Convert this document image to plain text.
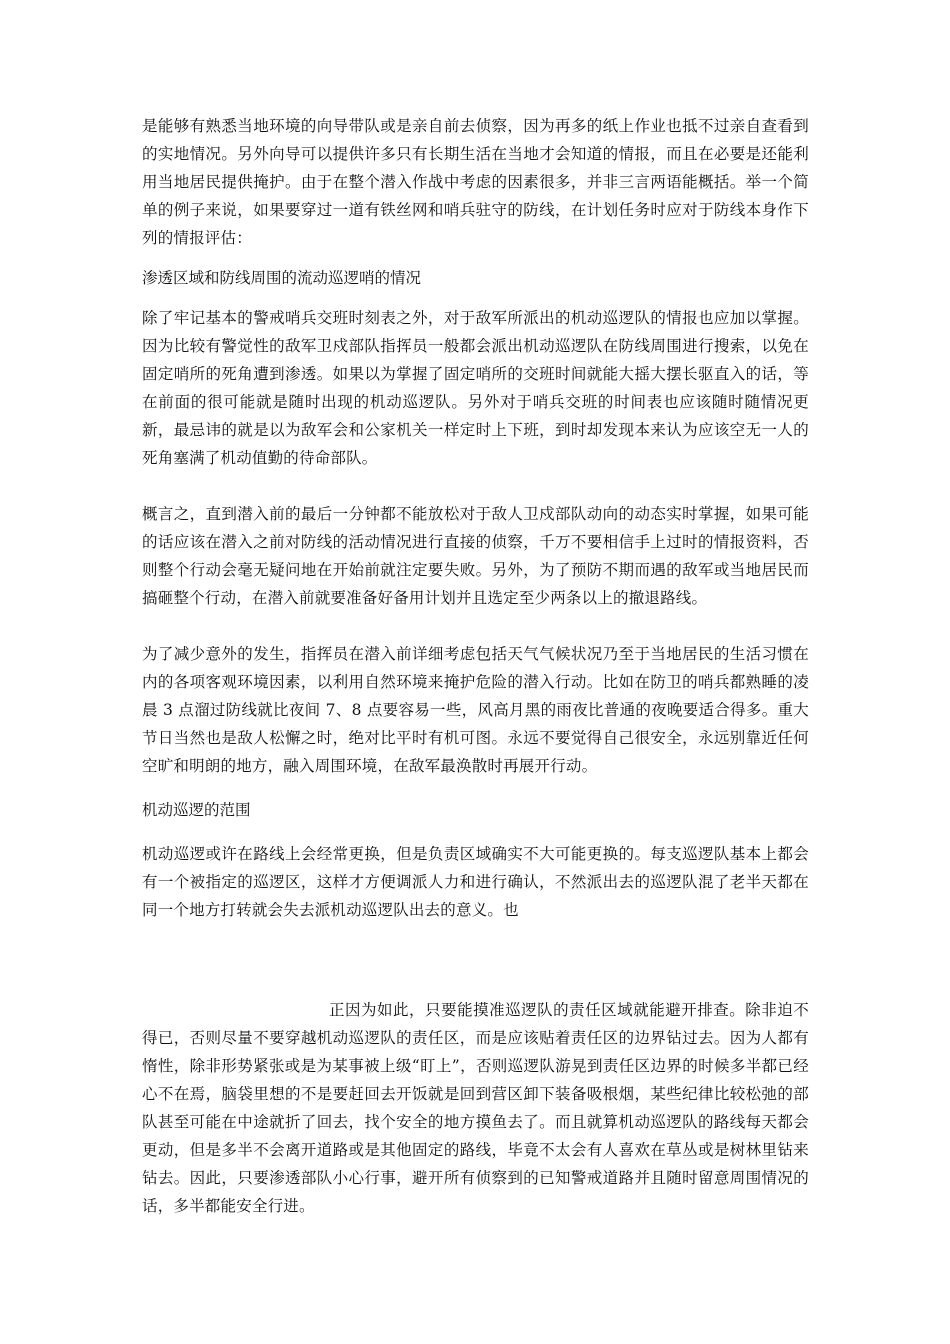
是能够有熟悉当地环境的向导带队或是亲自前去侦察，因为再多的纸上作业也抵不过亲自查看到的实地情况。另外向导可以提供许多只有长期生活在当地才会知道的情报，而且在必要是还能利用当地居民提供掩护。由于在整个潜入作战中考虑的因素很多，并非三言两语能概括。举一个简单的例子来说，如果要穿过一道有铁丝网和哨兵驻守的防线，在计划任务时应对于防线本身作下列的情报评估：

渗透区域和防线周围的流动巡逻哨的情况

除了牢记基本的警戒哨兵交班时刻表之外，对于敌军所派出的机动巡逻队的情报也应加以掌握。因为比较有警觉性的敌军卫戍部队指挥员一般都会派出机动巡逻队在防线周围进行搜索，以免在固定哨所的死角遭到渗透。如果以为掌握了固定哨所的交班时间就能大摇大摆长驱直入的话，等在前面的很可能就是随时出现的机动巡逻队。另外对于哨兵交班的时间表也应该随时随情况更新，最忌讳的就是以为敌军会和公家机关一样定时上下班，到时却发现本来认为应该空无一人的死角塞满了机动值勤的待命部队。

概言之，直到潜入前的最后一分钟都不能放松对于敌人卫戍部队动向的动态实时掌握，如果可能的话应该在潜入之前对防线的活动情况进行直接的侦察，千万不要相信手上过时的情报资料，否则整个行动会毫无疑问地在开始前就注定要失败。另外，为了预防不期而遇的敌军或当地居民而搞砸整个行动，在潜入前就要准备好备用计划并且选定至少两条以上的撤退路线。

为了减少意外的发生，指挥员在潜入前详细考虑包括天气气候状况乃至于当地居民的生活习惯在内的各项客观环境因素，以利用自然环境来掩护危险的潜入行动。比如在防卫的哨兵都熟睡的凌晨 3 点溜过防线就比夜间 7、8 点要容易一些，风高月黑的雨夜比普通的夜晚要适合得多。重大节日当然也是敌人松懈之时，绝对比平时有机可图。永远不要觉得自己很安全，永远别靠近任何空旷和明朗的地方，融入周围环境，在敌军最涣散时再展开行动。

机动巡逻的范围

机动巡逻或许在路线上会经常更换，但是负责区域确实不大可能更换的。每支巡逻队基本上都会有一个被指定的巡逻区，这样才方便调派人力和进行确认，不然派出去的巡逻队混了老半天都在同一个地方打转就会失去派机动巡逻队出去的意义。也

正因为如此，只要能摸准巡逻队的责任区域就能避开排查。除非迫不得已，否则尽量不要穿越机动巡逻队的责任区，而是应该贴着责任区的边界钻过去。因为人都有惰性，除非形势紧张或是为某事被上级“盯上”，否则巡逻队游晃到责任区边界的时候多半都已经心不在焉，脑袋里想的不是要赶回去开饭就是回到营区卸下装备吸根烟，某些纪律比较松弛的部队甚至可能在中途就折了回去，找个安全的地方摸鱼去了。而且就算机动巡逻队的路线每天都会更动，但是多半不会离开道路或是其他固定的路线，毕竟不太会有人喜欢在草丛或是树林里钻来钻去。因此，只要渗透部队小心行事，避开所有侦察到的已知警戒道路并且随时留意周围情况的话，多半都能安全行进。
